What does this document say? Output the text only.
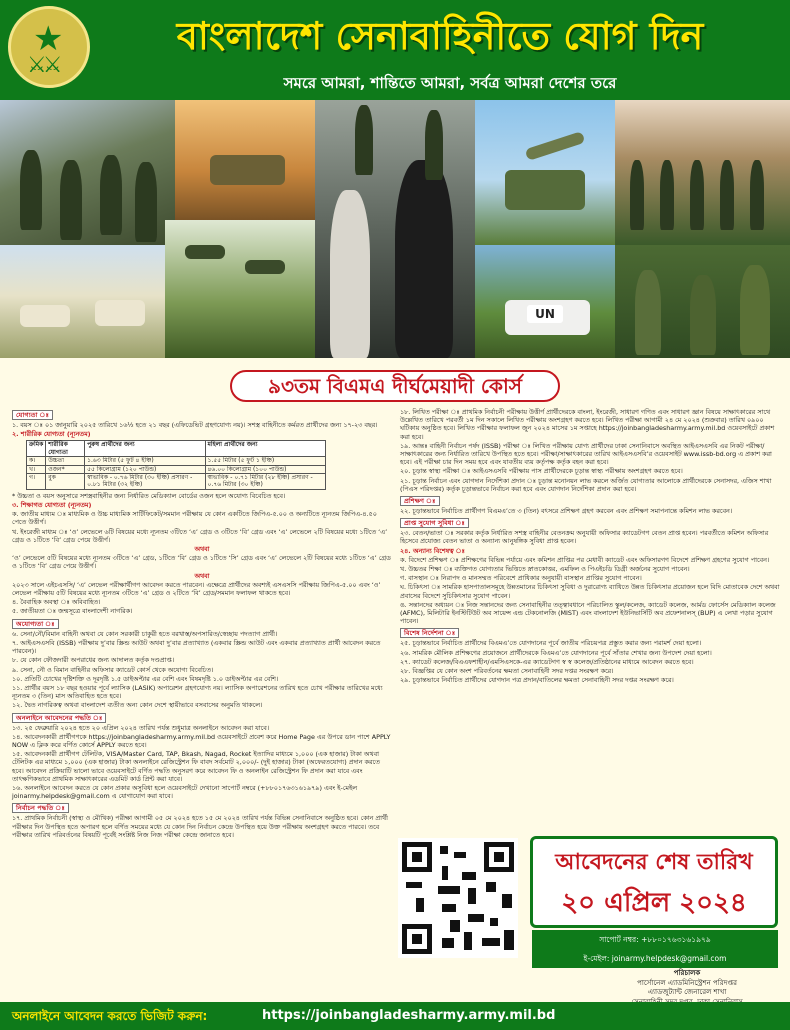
★
⚔⚔
বাংলাদেশ সেনাবাহিনীতে যোগ দিন
সমরে আমরা, শান্তিতে আমরা, সর্বত্র আমরা দেশের তরে
UN
৯৩তম বিএমএ দীর্ঘমেয়াদী কোর্স
যোগ্যতা ঃ
১. বয়স ঃ ০১ জানুয়ারি ২০২৫ তারিখে ১৬½ হতে ২১ বছর (এফিডেভিট গ্রহণযোগ্য নয়)। সশস্ত্র বাহিনীতে কর্মরত প্রার্থীদের জন্য ১৭-২৩ বছর।
২. শারীরিক যোগ্যতা (ন্যূনতম)
ক্রমিক	শারীরিক যোগ্যতা	পুরুষ প্রার্থীদের জন্য	মহিলা প্রার্থীদের জন্য
ক।	উচ্চতা	১.৬৩ মিটার (৫ ফুট ৪ ইঞ্চি)	১.৫৫ মিটার (৫ ফুট ১ ইঞ্চি)
খ।	ওজন*	৫৫ কিলোগ্রাম (১২০ পাউন্ড)	৪৬.০০ কিলোগ্রাম (১০০ পাউন্ড)
গ।	বুক	স্বাভাবিক - ০.৭৬ মিটার (৩০ ইঞ্চি) প্রসারণ - ০.৮১ মিটার (৩২ ইঞ্চি)	স্বাভাবিক - ০.৭১ মিটার (২৮ ইঞ্চি) প্রসারণ - ০.৭৬ মিটার (৩০ ইঞ্চি)
* উচ্চতা ও বয়স অনুসারে সশস্ত্রবাহিনীর জন্য নির্ধারিত মেডিক্যাল বোর্ডের ওজন হলে অযোগ্য বিবেচিত হবে।
৩. শিক্ষাগত যোগ্যতা (ন্যূনতম)
ক. জাতীয় মাধ্যম ঃ মাধ্যমিক ও উচ্চ মাধ্যমিক সার্টিফিকেট/সমমান পরীক্ষায় যে কোন একটিতে জিপিএ-৫.০০ ও অন্যটিতে ন্যূনতম জিপিএ-৪.৫০ পেতে উত্তীর্ণ।
খ. ইংরেজী মাধ্যম ঃ ‘ও’ লেভেলে ৬টি বিষয়ের মধ্যে ন্যূনতম ৩টিতে ‘এ’ গ্রেড ও ৩টিতে ‘বি’ গ্রেড এবং ‘এ’ লেভেলে ২টি বিষয়ের মধ্যে ১টিতে ‘এ’ গ্রেড ও ১টিতে ‘বি’ গ্রেড পেয়ে উত্তীর্ণ।
অথবা
‘ও’ লেভেলে ৫টি বিষয়ের মধ্যে ন্যূনতম ৩টিতে ‘এ’ গ্রেড, ১টিতে ‘বি’ গ্রেড ও ১টিতে ‘সি’ গ্রেড এবং ‘এ’ লেভেলে ২টি বিষয়ের মধ্যে ১টিতে ‘এ’ গ্রেড ও ১টিতে ‘বি’ গ্রেড পেয়ে উত্তীর্ণ।
অথবা
২০২৩ সালে এইচএসসি/ ‘এ’ লেভেল পরীক্ষার্থীগণ আবেদন করতে পারবেন। এক্ষেত্রে প্রার্থীদের অবশ্যই এসএসসি পরীক্ষায় জিপিএ-৫.০০ এবং ‘ও’ লেভেল পরীক্ষায় ৫টি বিষয়ের মধ্যে ন্যূনতম ৩টিতে ‘এ’ গ্রেড ও ২টিতে ‘বি’ গ্রেড/সমমান ফলাফল থাকতে হবে।
৪. বৈবাহিক অবস্থা ঃ অবিবাহিত।
৫. জাতীয়তা ঃ জন্মসূত্রে বাংলাদেশী নাগরিক।
অযোগ্যতা ঃ
৬. সেনা/নৌ/বিমান বাহিনী অথবা যে কোন সরকারী চাকুরী হতে বরখাস্ত/অপসারিত/স্বেচ্ছায় পদত্যাগ প্রার্থী।
৭. আইএসএসবি (ISSB) পরীক্ষায় দু’বার স্ক্রিন্ড আউট অথবা দু’বার প্রত্যাখ্যাত (একবার স্ক্রিন্ড আউট এবং একবার প্রত্যাখ্যাত প্রার্থী আবেদন করতে পারবেন)।
৮. যে কোন ফৌজদারী অপরাধের জন্য আদালত কর্তৃক দণ্ডপ্রাপ্ত।
৯. সেনা, নৌ ও বিমান বাহিনীর অফিসার ক্যাডেট কোর্স থেকে অযোগ্য বিবেচিত।
১০. প্রতিটি চোখের দৃষ্টিশক্তি ও দূরদৃষ্টি ১.৫ ডাইঅপ্টার এর বেশি এবং বিষমদৃষ্টি ১.০ ডাইঅপ্টার এর বেশি।
১১. প্রার্থীর বয়স ১৮ বছর হওয়ার পূর্বে ল্যাসিক (LASIK) অপারেশন গ্রহণযোগ্য নয়। ল্যাসিক অপারেশনের তারিখ হতে চোখ পরীক্ষার তারিখের মধ্যে ন্যূনতম ৩ (তিন) মাস অতিবাহিত হতে হবে।
১২. দ্বৈত নাগরিকত্ব অথবা বাংলাদেশ ব্যতীত অন্য কোন দেশে স্থায়ীভাবে বসবাসের অনুমতি থাকলে।
অনলাইনে আবেদনের পদ্ধতি ঃ
১৩. ২৫ ফেব্রুয়ারি ২০২৪ হতে ২০ এপ্রিল ২০২৪ তারিখ পর্যন্ত শুধুমাত্র অনলাইনে আবেদন করা যাবে।
১৪. আবেদনকারী প্রার্থীগণকে https://joinbangladesharmy.army.mil.bd ওয়েবসাইটে প্রবেশ করে Home Page এর উপরে ডান পাশে APPLY NOW এ ক্লিক করে বর্ণিত কোর্সে APPLY করতে হবে।
১৫. আবেদনকারী প্রার্থীগণ টেলিটক, VISA/Master Card, TAP, Bkash, Nagad, Rocket ইত্যাদির মাধ্যমে ১,০০০ (এক হাজার) টাকা অথবা টেলিটক এর মাধ্যমে ১,০০০ (এক হাজার) টাকা অনলাইনে রেজিস্ট্রেশন ফি বাবদ সর্বমোট ২,০০০/- (দুই হাজার) টাকা (অফেরতযোগ্য) প্রদান করতে হবে। আবেদন প্রক্রিয়াটি ভালো ভাবে ওয়েবসাইটে বর্ণিত পদ্ধতি অনুসরণ করে আবেদন ফি ও অনলাইন রেজিস্ট্রেশন ফি প্রদান করা যাবে এবং তাৎক্ষণিকভাবে প্রাথমিক সাক্ষাৎকারের এডমিট কার্ড প্রিন্ট করা যাবে।
১৬. অনলাইনে আবেদন করতে যে কোন প্রকার অসুবিধা হলে ওয়েবসাইটে দেখানো সাপোর্ট নম্বরে (+৮৮০১৭৬৩১৬১৯৭৯) এবং ই-মেইল joinarmy.helpdesk@gmail.com এ যোগাযোগ করা যাবে।
নির্বাচন পদ্ধতি ঃ
১৭. প্রাথমিক নির্বাচনী (স্বাস্থ্য ও মৌখিক) পরীক্ষা আগামী ০৫ মে ২০২৪ হতে ১৫ মে ২০২৪ তারিখ পর্যন্ত বিভিন্ন সেনানিবাসে অনুষ্ঠিত হবে। কোন প্রার্থী পরীক্ষার দিন উপস্থিত হতে অপারগ হলে বর্ণিত সময়ের মধ্যে যে কোন দিন নির্বাচন কেন্দ্রে উপস্থিত হয়ে উক্ত পরীক্ষায় অংশগ্রহণ করতে পারবে। তবে পরীক্ষার তারিখ পরিবর্তনের বিষয়টি পূর্বেই সংশ্লিষ্ট নিজ নিজ পরীক্ষা কেন্দ্রে জানাতে হবে।
১৮. লিখিত পরীক্ষা ঃ প্রাথমিক নির্বাচনী পরীক্ষায় উত্তীর্ণ প্রার্থীদেরকে বাংলা, ইংরেজী, সাধারণ গণিত এবং সাধারণ জ্ঞান বিষয়ে সাক্ষাৎকারের সাথে উল্লেখিত তারিখে পরবর্তী ১ম দিন সকালে লিখিত পরীক্ষায় অংশগ্রহণ করতে হবে। লিখিত পরীক্ষা আগামী ২৪ মে ২০২৪ (শুক্রবার) তারিখ ০৯০০ ঘটিকায় অনুষ্ঠিত হবে। লিখিত পরীক্ষার ফলাফল জুন ২০২৪ মাসের ১ম সপ্তাহে https://joinbangladesharmy.army.mil.bd ওয়েবসাইটে প্রকাশ করা হবে।
১৯. আন্তঃ বাহিনী নির্বাচন পর্ষদ (ISSB) পরীক্ষা ঃ লিখিত পরীক্ষায় যোগ্য প্রার্থীদের ঢাকা সেনানিবাসে অবস্থিত আইএসএসবি এর নিকট পরীক্ষা/সাক্ষাৎকারের জন্য নির্ধারিত তারিখে উপস্থিত হতে হবে। পরীক্ষা/সাক্ষাৎকারের তারিখ আইএসএসবি’র ওয়েবসাইট www.issb-bd.org এ প্রকাশ করা হবে। এই পরীক্ষা চার দিন সময় হবে এবং যাবতীয় ব্যয় কর্তৃপক্ষ কর্তৃক বহন করা হবে।
২০. চূড়ান্ত স্বাস্থ্য পরীক্ষা ঃ আইএসএসবি পরীক্ষায় পাস প্রার্থীদেরকে চূড়ান্ত স্বাস্থ্য পরীক্ষায় অংশগ্রহণ করতে হবে।
২১. চূড়ান্ত নির্বাচন এবং যোগদান নির্দেশিকা প্রদান ঃ চূড়ান্ত মনোনয়ন লাভ করলে অর্জিত যোগ্যতার আলোকে প্রার্থীদেরকে সেনাসদর, এজিস শাখা (পিএস পরিদপ্তর) কর্তৃক চূড়ান্তভাবে নির্বাচন করা হবে এবং যোগদান নির্দেশিকা প্রদান করা হবে।
প্রশিক্ষণ ঃ
২২. চূড়ান্তভাবে নির্বাচিত প্রার্থীগণ বিএমএ’তে ৩ (তিন) বৎসরে প্রশিক্ষণ গ্রহণ করবেন এবং প্রশিক্ষণ সমাপনান্তে কমিশন লাভ করবেন।
প্রাপ্ত সুযোগ সুবিধা ঃ
২৩. বেতন/ভাতা ঃ সরকার কর্তৃক নির্ধারিত সশস্ত্র বাহিনীর বেতনক্রম অনুযায়ী অফিসার ক্যাডেটগণ বেতন প্রাপ্ত হবেন। পরবর্তীতে কমিশন অফিসার হিসেবে প্রযোজ্য বেতন ভাতা ও অন্যান্য আনুষঙ্গিক সুবিধা প্রাপ্ত হবেন।
২৪. অন্যান্য বিশেষত্ব ঃ
ক. বিদেশে প্রশিক্ষণ ঃ প্রশিক্ষণের বিভিন্ন পর্যায়ে এবং কমিশন প্রাপ্তির পর মেধাবী ক্যাডেট এবং অফিসারগণ বিদেশে প্রশিক্ষণ গ্রহণের সুযোগ পাবেন।
খ. উচ্চতর শিক্ষা ঃ ব্যক্তিগত যোগ্যতার ভিত্তিতে স্নাতকোত্তর, এমফিল ও পিএইচডি ডিগ্রী অর্জনের সুযোগ পাবেন।
গ. বাসস্থান ঃ নিরাপদ ও মানসম্মত পরিবেশে প্রাধিকার অনুযায়ী বাসস্থান প্রাপ্তির সুযোগ পাবেন।
ঘ. চিকিৎসা ঃ সামরিক হাসপাতালসমূহে উন্নতমানের চিকিৎসা সুবিধা ও দুরারোগ্য ব্যাধিতে উন্নত চিকিৎসার প্রয়োজন হলে বিদি মোতাবেক দেশে অথবা প্রবাসের বিদেশে সুচিকিৎসার সুযোগ পাবেন।
ঙ. সন্তানদের অধ্যয়ন ঃ নিজ সন্তানদের জন্য সেনাবাহিনীর তত্ত্বাবধানে পরিচালিত স্কুল/কলেজ, ক্যাডেট কলেজ, আর্মড ফোর্সেস মেডিক্যাল কলেজ (AFMC), মিলিটারি ইনস্টিটিউট অব সায়েন্স এন্ড টেকনোলজি (MIST) এবং বাংলাদেশ ইউনিভার্সিটি অব প্রফেশনালস্ (BUP) এ লেখা পড়ার সুযোগ পাবেন।
বিশেষ নির্দেশনা ঃ
২৫. চূড়ান্তভাবে নির্বাচিত প্রার্থীদের বিএমএ’তে যোগদানের পূর্বে জাতীয় পরিচয়পত্র প্রস্তুত করার জন্য পরামর্শ দেয়া হলো।
২৬. সামরিক মৌলিক প্রশিক্ষণের প্রয়োজনে প্রার্থীদেরকে বিএমএ’তে যোগদানের পূর্বে সাঁতার শেখার জন্য উপদেশ দেয়া হলো।
২৭. ক্যাডেট কলেজ/বিএএফশাহীন/এমসিএসকে-এর ক্যাডেটগণ স্ব স্ব কলেজ/প্রতিষ্ঠানের মাধ্যমে আবেদন করতে হবে।
২৮. বিজ্ঞপ্তির যে কোন অংশ পরিবর্তনের ক্ষমতা সেনাবাহিনী সদর দপ্তর সংরক্ষণ করে।
২৯. চূড়ান্তভাবে নির্বাচিত প্রার্থীদের যোগদান পত্র প্রদান/বাতিলের ক্ষমতা সেনাবাহিনী সদর দপ্তর সংরক্ষণ করে।
আবেদনের শেষ তারিখ
২০ এপ্রিল ২০২৪
সাপোর্ট নম্বর: +৮৮০১৭৬৩১৬১৯৭৯
ই-মেইল: joinarmy.helpdesk@gmail.com
পরিচালক
পার্সোনেল এ্যাডমিনিস্ট্রেশন পরিদপ্তর
এ্যাডজুট্যান্ট জেনারেল শাখা
অনলাইনে আবেদন করতে ভিজিট করুন:	https://joinbangladesharmy.army.mil.bd
